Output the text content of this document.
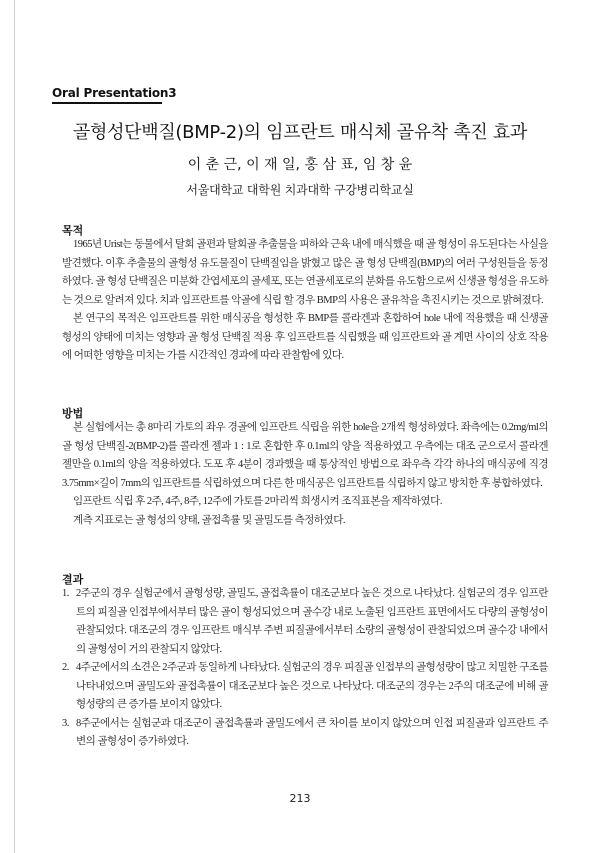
Oral Presentation3
골형성단백질(BMP-2)의 임프란트 매식체 골유착 촉진 효과
이 춘 근, 이 재 일, 홍 삼 표, 임 창 윤
서울대학교 대학원 치과대학 구강병리학교실
목적

1965년 Urist는 동물에서 탈회 골편과 탈회골 추출물을 피하와 근육 내에 매식했을 때 골 형성이 유도된다는 사실을 발견했다. 이후 추출물의 골형성 유도물질이 단백질임을 밝혔고 많은 골 형성 단백질(BMP)의 여러 구성원들을 동정하였다. 골 형성 단백질은 미분화 간엽세포의 골세포, 또는 연골세포로의 분화를 유도함으로써 신생골 형성을 유도하는 것으로 알려져 있다. 치과 임프란트를 악골에 식립 할 경우 BMP의 사용은 골유착을 촉진시키는 것으로 밝혀졌다.

본 연구의 목적은 임프란트를 위한 매식공을 형성한 후 BMP를 콜라겐과 혼합하여 hole 내에 적용했을 때 신생골 형성의 양태에 미치는 영향과 골 형성 단백질 적용 후 임프란트를 식립했을 때 임프란트와 골 계면 사이의 상호 작용에 어떠한 영향을 미치는 가를 시간적인 경과에 따라 관찰함에 있다.

방법

본 실험에서는 총 8마리 가토의 좌우 경골에 임프란트 식립을 위한 hole을 2개씩 형성하였다. 좌측에는 0.2mg/ml의 골 형성 단백질-2(BMP-2)를 콜라겐 젤과 1 : 1로 혼합한 후 0.1ml의 양을 적용하였고 우측에는 대조 군으로서 콜라겐 젤만을 0.1ml의 양을 적용하였다. 도포 후 4분이 경과했을 때 통상적인 방법으로 좌우측 각각 하나의 매식공에 직경 3.75mm×길이 7mm의 임프란트를 식립하였으며 다른 한 매식공은 임프란트를 식립하지 않고 방치한 후 봉합하였다.

임프란트 식립 후 2주, 4주, 8주, 12주에 가토를 2마리씩 희생시켜 조직표본을 제작하였다.

계측 지표로는 골 형성의 양태, 골접촉률 및 골밀도를 측정하였다.

결과
1. 2주군의 경우 실험군에서 골형성량, 골밀도, 골접촉률이 대조군보다 높은 것으로 나타났다. 실험군의 경우 임프란트의 피질골 인접부에서부터 많은 골이 형성되었으며 골수강 내로 노출된 임프란트 표면에서도 다량의 골형성이 관찰되었다. 대조군의 경우 임프란트 매식부 주변 피질골에서부터 소량의 골형성이 관찰되었으며 골수강 내에서의 골형성이 거의 관찰되지 않았다.
2. 4주군에서의 소견은 2주군과 동일하게 나타났다. 실험군의 경우 피질골 인접부의 골형성량이 많고 치밀한 구조를 나타내었으며 골밀도와 골접촉률이 대조군보다 높은 것으로 나타났다. 대조군의 경우는 2주의 대조군에 비해 골형성량의 큰 증가를 보이지 않았다.
3. 8주군에서는 실험군과 대조군이 골접촉률과 골밀도에서 큰 차이를 보이지 않았으며 인접 피질골과 임프란트 주변의 골형성이 증가하였다.
213
